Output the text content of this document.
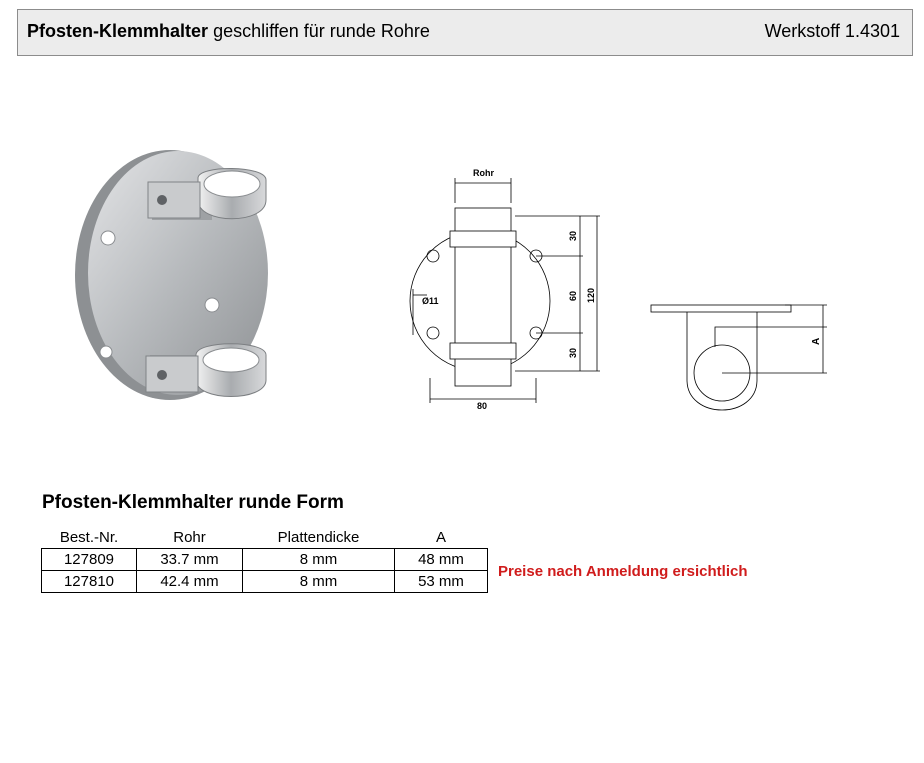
Pfosten-Klemmhalter geschliffen für runde Rohre	Werkstoff 1.4301
Rohr
30
60 120
30
Ø11
80
A
Pfosten-Klemmhalter runde Form
Best.-Nr.	Rohr	Plattendicke	A
127809	33.7 mm	8 mm	48 mm
127810	42.4 mm	8 mm	53 mm
Preise nach Anmeldung ersichtlich
